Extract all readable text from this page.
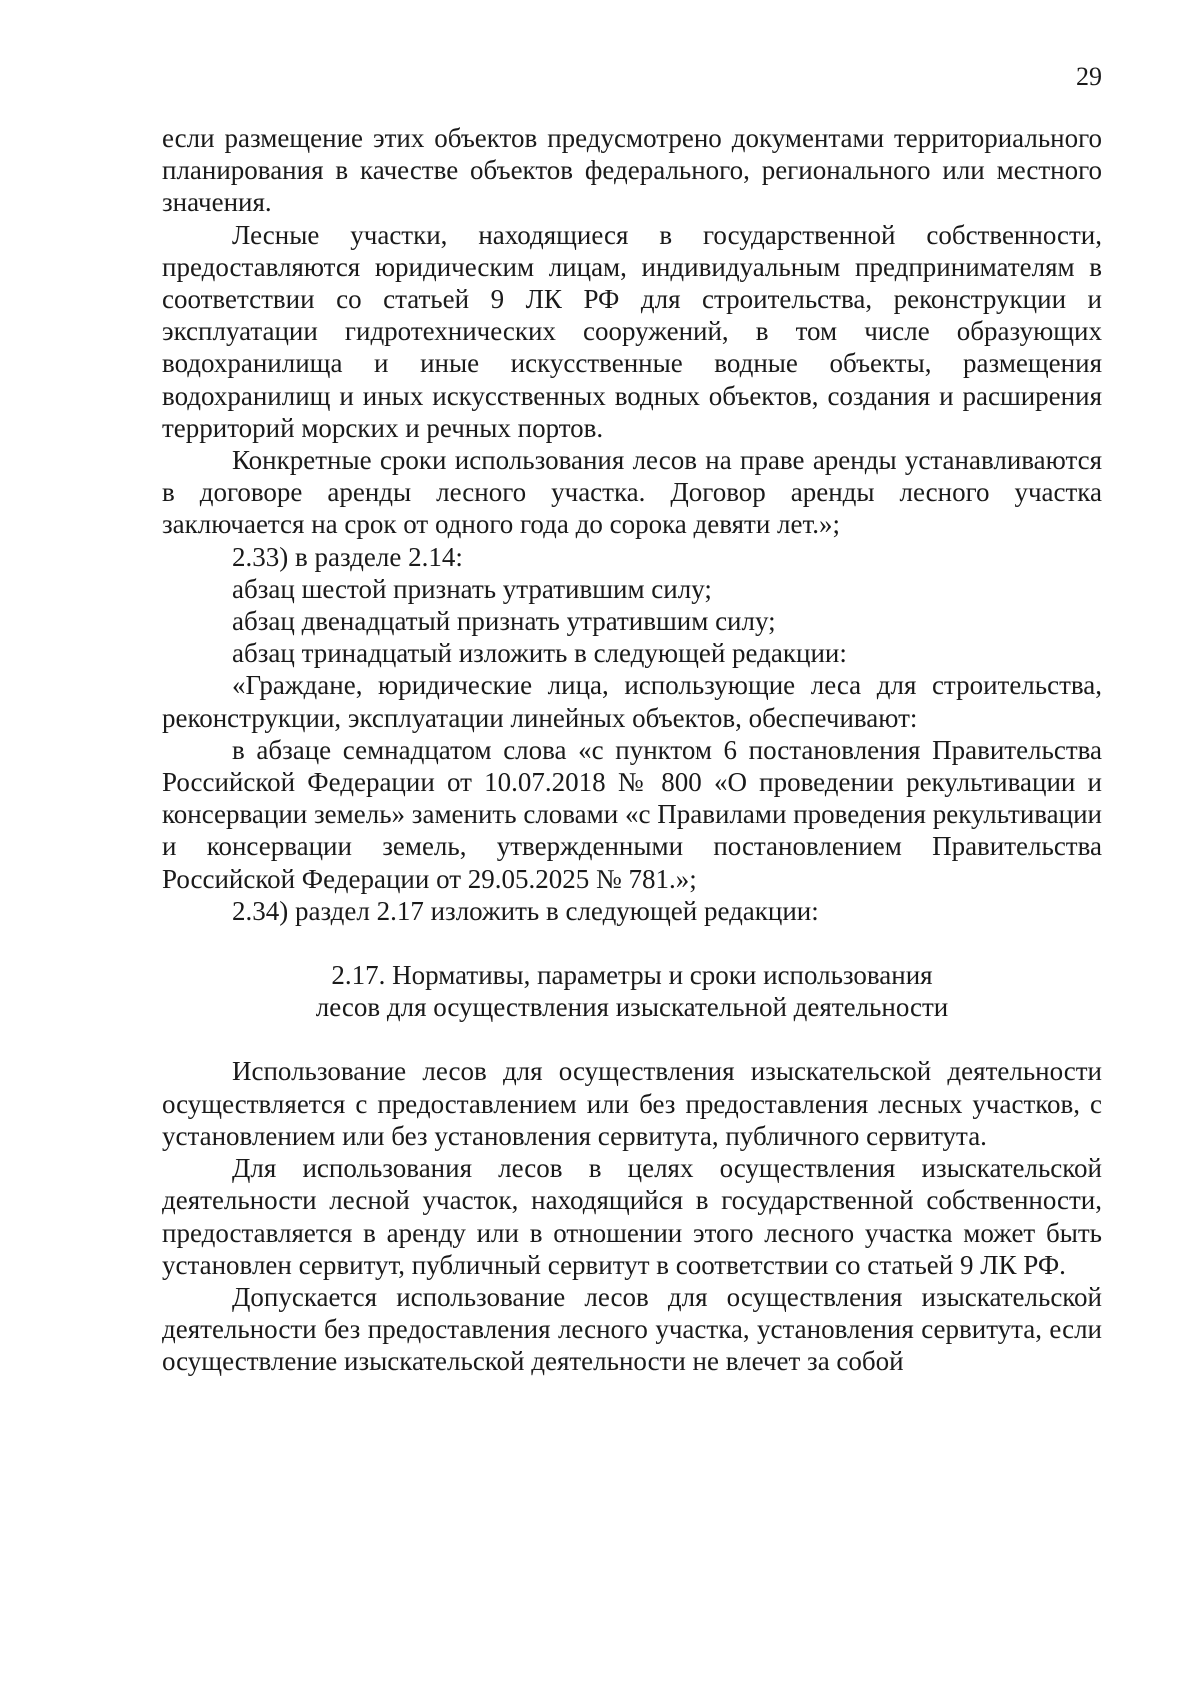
29

если размещение этих объектов предусмотрено документами территориального планирования в качестве объектов федерального, регионального или местного значения.

Лесные участки, находящиеся в государственной собственности, предоставляются юридическим лицам, индивидуальным предпринимателям в соответствии со статьей 9 ЛК РФ для строительства, реконструкции и эксплуатации гидротехнических сооружений, в том числе образующих водохранилища и иные искусственные водные объекты, размещения водохранилищ и иных искусственных водных объектов, создания и расширения территорий морских и речных портов.

Конкретные сроки использования лесов на праве аренды устанавливаются в договоре аренды лесного участка. Договор аренды лесного участка заключается на срок от одного года до сорока девяти лет.»;

2.33) в разделе 2.14:

абзац шестой признать утратившим силу;

абзац двенадцатый признать утратившим силу;

абзац тринадцатый изложить в следующей редакции:

«Граждане, юридические лица, использующие леса для строительства, реконструкции, эксплуатации линейных объектов, обеспечивают:

в абзаце семнадцатом слова «с пунктом 6 постановления Правительства Российской Федерации от 10.07.2018 № 800 «О проведении рекультивации и консервации земель» заменить словами «с Правилами проведения рекультивации и консервации земель, утвержденными постановлением Правительства Российской Федерации от 29.05.2025 № 781.»;

2.34) раздел 2.17 изложить в следующей редакции:

2.17. Нормативы, параметры и сроки использования
лесов для осуществления изыскательной деятельности

Использование лесов для осуществления изыскательской деятельности осуществляется с предоставлением или без предоставления лесных участков, с установлением или без установления сервитута, публичного сервитута.

Для использования лесов в целях осуществления изыскательской деятельности лесной участок, находящийся в государственной собственности, предоставляется в аренду или в отношении этого лесного участка может быть установлен сервитут, публичный сервитут в соответствии со статьей 9 ЛК РФ.

Допускается использование лесов для осуществления изыскательской деятельности без предоставления лесного участка, установления сервитута, если осуществление изыскательской деятельности не влечет за собой
